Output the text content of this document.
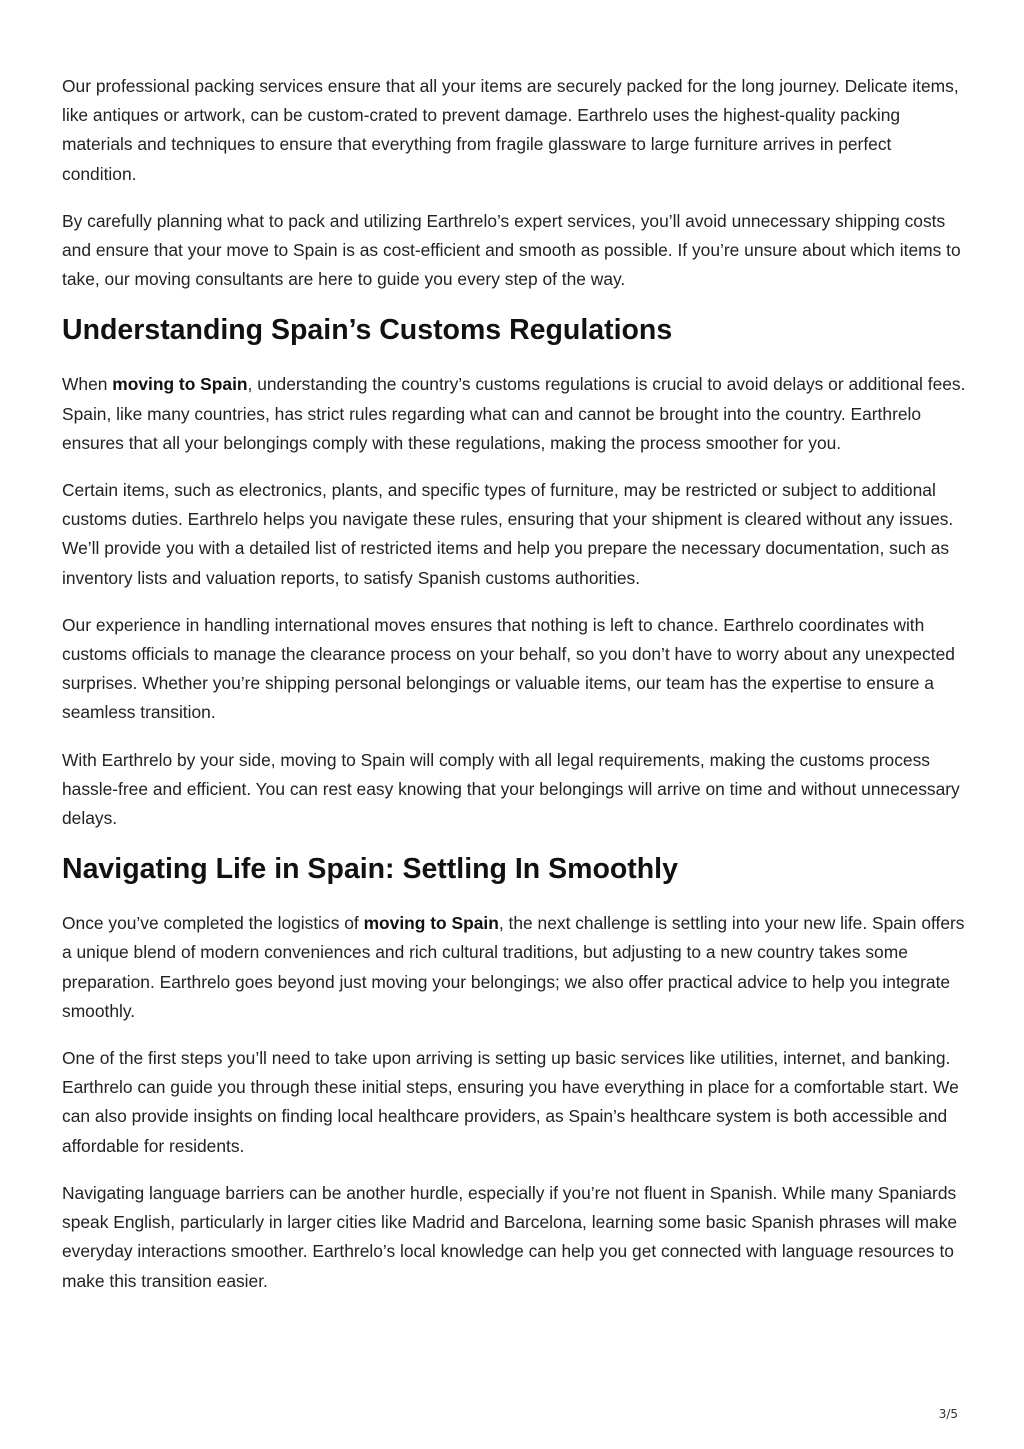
Our professional packing services ensure that all your items are securely packed for the long journey. Delicate items, like antiques or artwork, can be custom-crated to prevent damage. Earthrelo uses the highest-quality packing materials and techniques to ensure that everything from fragile glassware to large furniture arrives in perfect condition.

By carefully planning what to pack and utilizing Earthrelo’s expert services, you’ll avoid unnecessary shipping costs and ensure that your move to Spain is as cost-efficient and smooth as possible. If you’re unsure about which items to take, our moving consultants are here to guide you every step of the way.

Understanding Spain’s Customs Regulations

When moving to Spain, understanding the country’s customs regulations is crucial to avoid delays or additional fees. Spain, like many countries, has strict rules regarding what can and cannot be brought into the country. Earthrelo ensures that all your belongings comply with these regulations, making the process smoother for you.

Certain items, such as electronics, plants, and specific types of furniture, may be restricted or subject to additional customs duties. Earthrelo helps you navigate these rules, ensuring that your shipment is cleared without any issues. We’ll provide you with a detailed list of restricted items and help you prepare the necessary documentation, such as inventory lists and valuation reports, to satisfy Spanish customs authorities.

Our experience in handling international moves ensures that nothing is left to chance. Earthrelo coordinates with customs officials to manage the clearance process on your behalf, so you don’t have to worry about any unexpected surprises. Whether you’re shipping personal belongings or valuable items, our team has the expertise to ensure a seamless transition.

With Earthrelo by your side, moving to Spain will comply with all legal requirements, making the customs process hassle-free and efficient. You can rest easy knowing that your belongings will arrive on time and without unnecessary delays.

Navigating Life in Spain: Settling In Smoothly

Once you’ve completed the logistics of moving to Spain, the next challenge is settling into your new life. Spain offers a unique blend of modern conveniences and rich cultural traditions, but adjusting to a new country takes some preparation. Earthrelo goes beyond just moving your belongings; we also offer practical advice to help you integrate smoothly.

One of the first steps you’ll need to take upon arriving is setting up basic services like utilities, internet, and banking. Earthrelo can guide you through these initial steps, ensuring you have everything in place for a comfortable start. We can also provide insights on finding local healthcare providers, as Spain’s healthcare system is both accessible and affordable for residents.

Navigating language barriers can be another hurdle, especially if you’re not fluent in Spanish. While many Spaniards speak English, particularly in larger cities like Madrid and Barcelona, learning some basic Spanish phrases will make everyday interactions smoother. Earthrelo’s local knowledge can help you get connected with language resources to make this transition easier.

3/5
